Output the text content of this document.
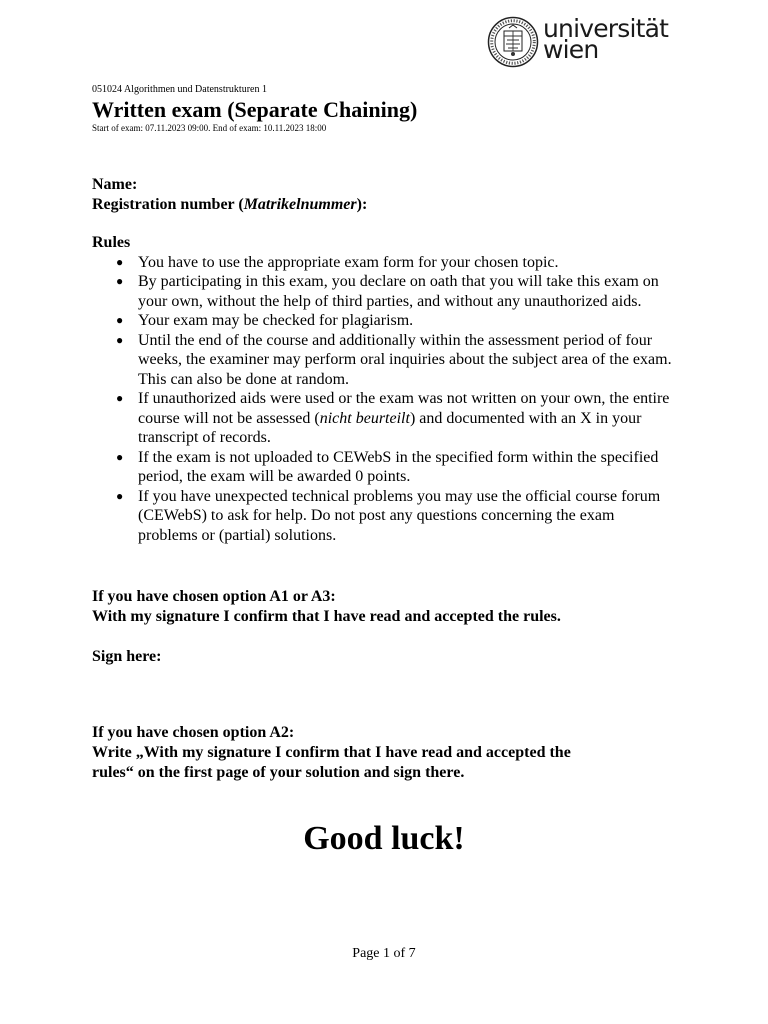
universität
wien
051024 Algorithmen und Datenstrukturen 1
Written exam (Separate Chaining)
Start of exam: 07.11.2023 09:00. End of exam: 10.11.2023 18:00
Name:
Registration number (Matrikelnummer):
Rules
● You have to use the appropriate exam form for your chosen topic.
● By participating in this exam, you declare on oath that you will take this exam on your own, without the help of third parties, and without any unauthorized aids.
● Your exam may be checked for plagiarism.
● Until the end of the course and additionally within the assessment period of four weeks, the examiner may perform oral inquiries about the subject area of the exam. This can also be done at random.
● If unauthorized aids were used or the exam was not written on your own, the entire course will not be assessed (nicht beurteilt) and documented with an X in your transcript of records.
● If the exam is not uploaded to CEWebS in the specified form within the specified period, the exam will be awarded 0 points.
● If you have unexpected technical problems you may use the official course forum (CEWebS) to ask for help. Do not post any questions concerning the exam problems or (partial) solutions.
If you have chosen option A1 or A3:
With my signature I confirm that I have read and accepted the rules.
Sign here:
If you have chosen option A2:
Write „With my signature I confirm that I have read and accepted the
rules“ on the first page of your solution and sign there.
Good luck!
Page 1 of 7
